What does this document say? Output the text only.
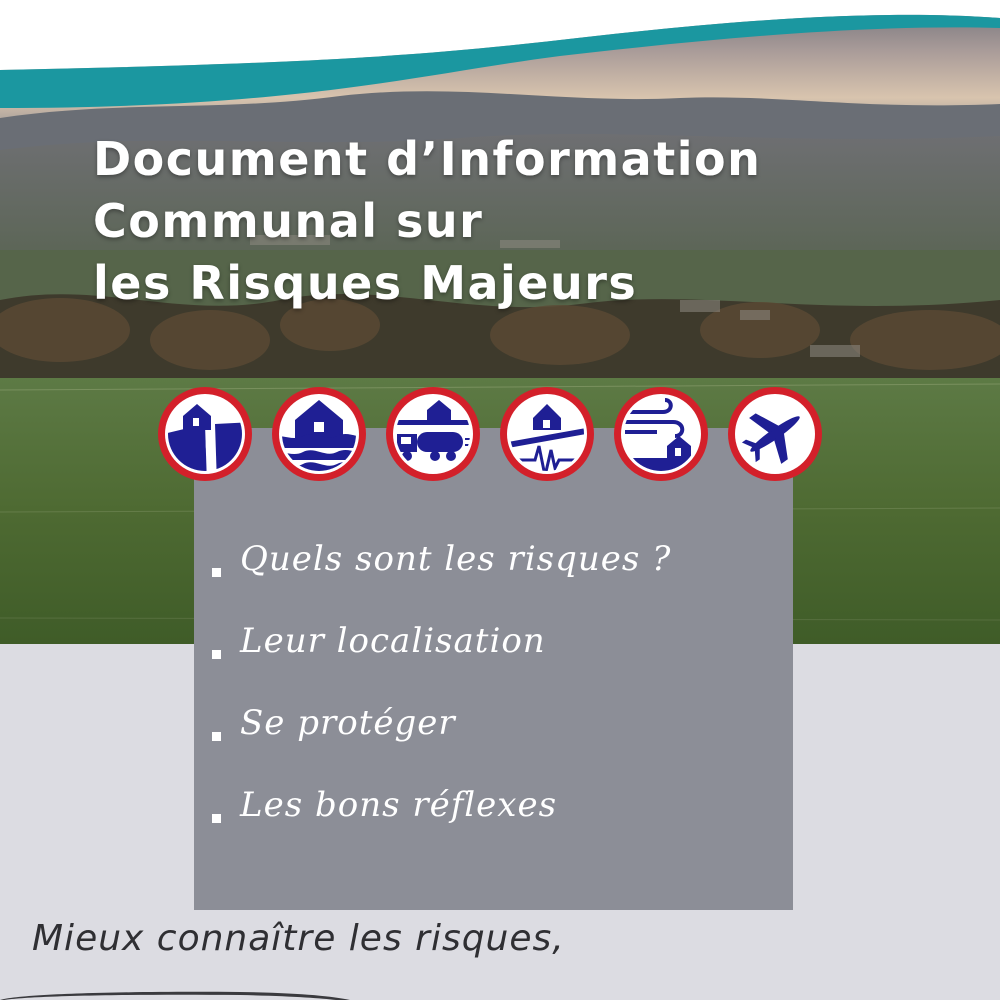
Document d’Information
Communal sur
les Risques Majeurs
Quels sont les risques ?
Leur localisation
Se protéger
Les bons réflexes

Mieux connaître les risques,
